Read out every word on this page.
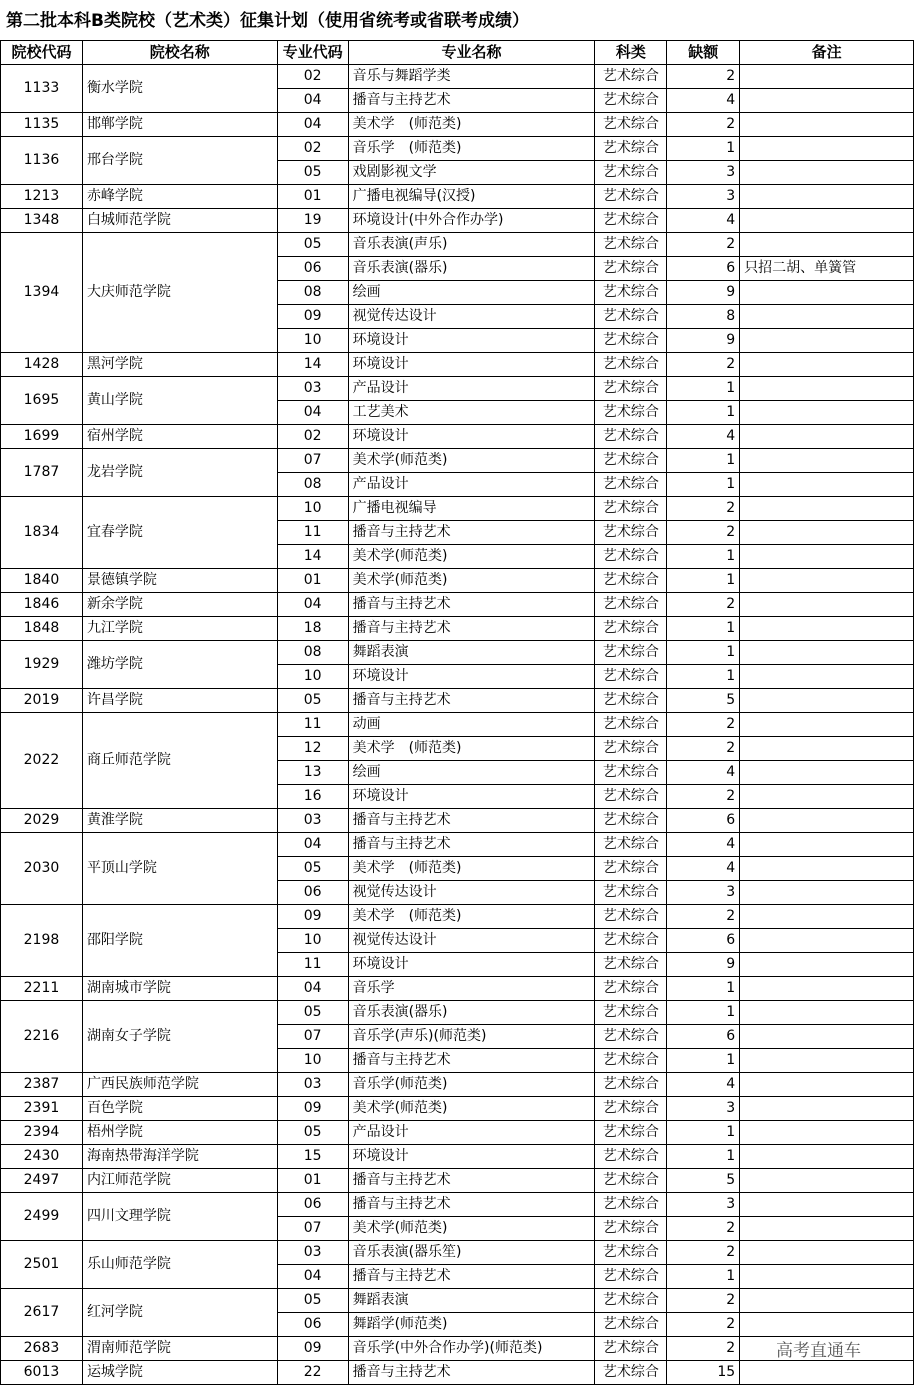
第二批本科B类院校（艺术类）征集计划（使用省统考或省联考成绩）
院校代码	院校名称	专业代码	专业名称	科类	缺额	备注
1133	衡水学院	02	音乐与舞蹈学类	艺术综合	2	
		04	播音与主持艺术	艺术综合	4	
1135	邯郸学院	04	美术学　(师范类)	艺术综合	2	
1136	邢台学院	02	音乐学　(师范类)	艺术综合	1	
		05	戏剧影视文学	艺术综合	3	
1213	赤峰学院	01	广播电视编导(汉授)	艺术综合	3	
1348	白城师范学院	19	环境设计(中外合作办学)	艺术综合	4	
1394	大庆师范学院	05	音乐表演(声乐)	艺术综合	2	
		06	音乐表演(器乐)	艺术综合	6	只招二胡、单簧管
		08	绘画	艺术综合	9	
		09	视觉传达设计	艺术综合	8	
		10	环境设计	艺术综合	9	
1428	黑河学院	14	环境设计	艺术综合	2	
1695	黄山学院	03	产品设计	艺术综合	1	
		04	工艺美术	艺术综合	1	
1699	宿州学院	02	环境设计	艺术综合	4	
1787	龙岩学院	07	美术学(师范类)	艺术综合	1	
		08	产品设计	艺术综合	1	
1834	宜春学院	10	广播电视编导	艺术综合	2	
		11	播音与主持艺术	艺术综合	2	
		14	美术学(师范类)	艺术综合	1	
1840	景德镇学院	01	美术学(师范类)	艺术综合	1	
1846	新余学院	04	播音与主持艺术	艺术综合	2	
1848	九江学院	18	播音与主持艺术	艺术综合	1	
1929	潍坊学院	08	舞蹈表演	艺术综合	1	
		10	环境设计	艺术综合	1	
2019	许昌学院	05	播音与主持艺术	艺术综合	5	
2022	商丘师范学院	11	动画	艺术综合	2	
		12	美术学　(师范类)	艺术综合	2	
		13	绘画	艺术综合	4	
		16	环境设计	艺术综合	2	
2029	黄淮学院	03	播音与主持艺术	艺术综合	6	
2030	平顶山学院	04	播音与主持艺术	艺术综合	4	
		05	美术学　(师范类)	艺术综合	4	
		06	视觉传达设计	艺术综合	3	
2198	邵阳学院	09	美术学　(师范类)	艺术综合	2	
		10	视觉传达设计	艺术综合	6	
		11	环境设计	艺术综合	9	
2211	湖南城市学院	04	音乐学	艺术综合	1	
2216	湖南女子学院	05	音乐表演(器乐)	艺术综合	1	
		07	音乐学(声乐)(师范类)	艺术综合	6	
		10	播音与主持艺术	艺术综合	1	
2387	广西民族师范学院	03	音乐学(师范类)	艺术综合	4	
2391	百色学院	09	美术学(师范类)	艺术综合	3	
2394	梧州学院	05	产品设计	艺术综合	1	
2430	海南热带海洋学院	15	环境设计	艺术综合	1	
2497	内江师范学院	01	播音与主持艺术	艺术综合	5	
2499	四川文理学院	06	播音与主持艺术	艺术综合	3	
		07	美术学(师范类)	艺术综合	2	
2501	乐山师范学院	03	音乐表演(器乐笙)	艺术综合	2	
		04	播音与主持艺术	艺术综合	1	
2617	红河学院	05	舞蹈表演	艺术综合	2	
		06	舞蹈学(师范类)	艺术综合	2	
2683	渭南师范学院	09	音乐学(中外合作办学)(师范类)	艺术综合	2	
6013	运城学院	22	播音与主持艺术	艺术综合	15	
高考直通车
